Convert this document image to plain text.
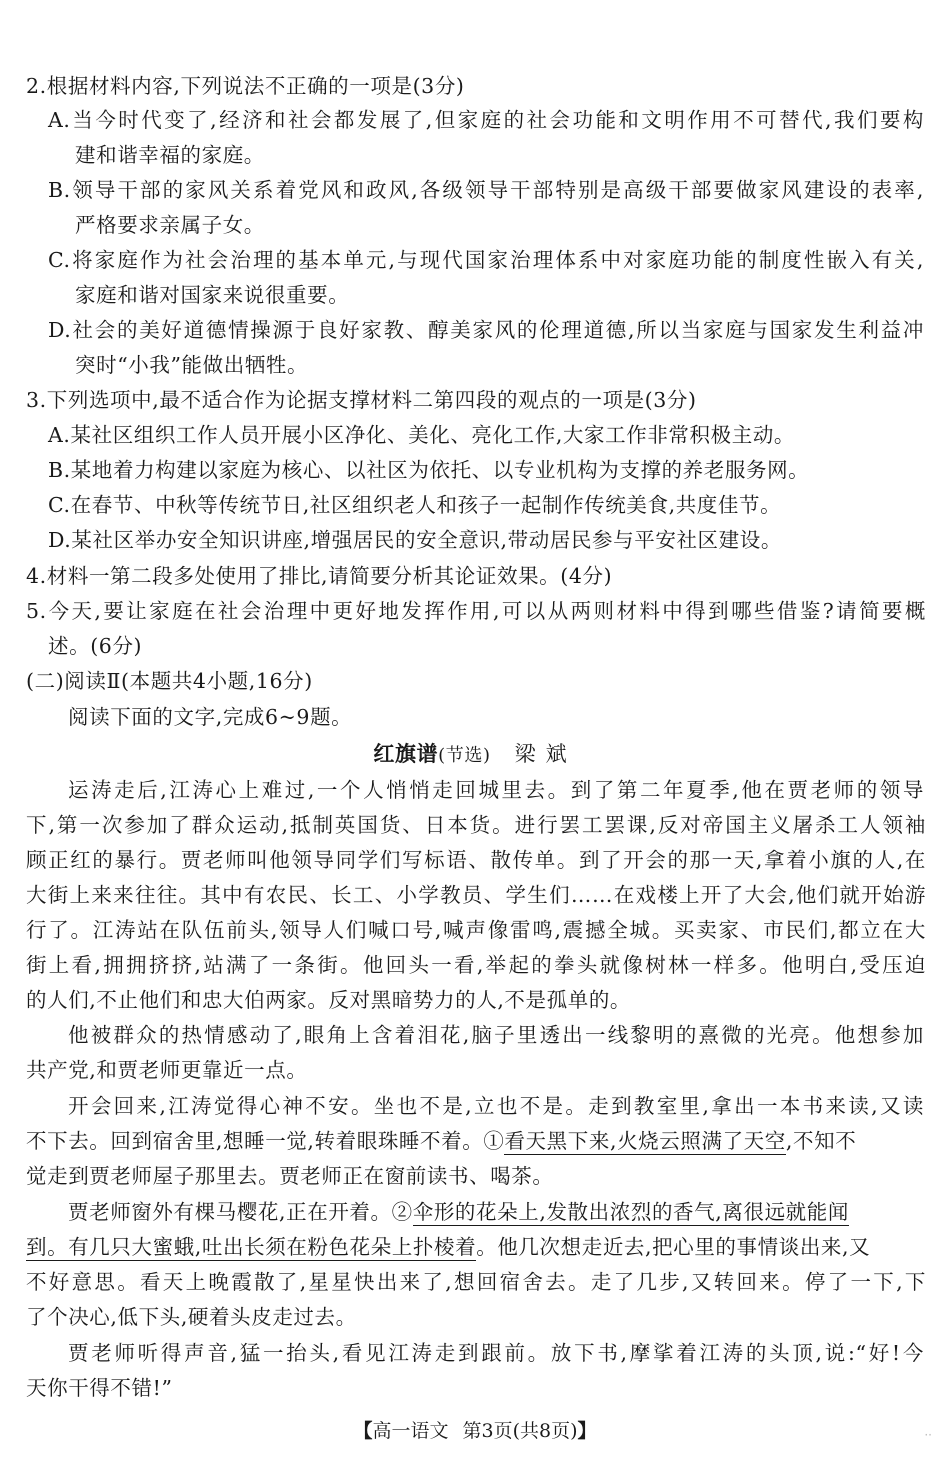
2.根据材料内容,下列说法不正确的一项是(3分)
A.当今时代变了,经济和社会都发展了,但家庭的社会功能和文明作用不可替代,我们要构
建和谐幸福的家庭。
B.领导干部的家风关系着党风和政风,各级领导干部特别是高级干部要做家风建设的表率,
严格要求亲属子女。
C.将家庭作为社会治理的基本单元,与现代国家治理体系中对家庭功能的制度性嵌入有关,
家庭和谐对国家来说很重要。
D.社会的美好道德情操源于良好家教、醇美家风的伦理道德,所以当家庭与国家发生利益冲
突时“小我”能做出牺牲。
3.下列选项中,最不适合作为论据支撑材料二第四段的观点的一项是(3分)
A.某社区组织工作人员开展小区净化、美化、亮化工作,大家工作非常积极主动。
B.某地着力构建以家庭为核心、以社区为依托、以专业机构为支撑的养老服务网。
C.在春节、中秋等传统节日,社区组织老人和孩子一起制作传统美食,共度佳节。
D.某社区举办安全知识讲座,增强居民的安全意识,带动居民参与平安社区建设。
4.材料一第二段多处使用了排比,请简要分析其论证效果。(4分)
5.今天,要让家庭在社会治理中更好地发挥作用,可以从两则材料中得到哪些借鉴?请简要概
述。(6分)
(二)阅读Ⅱ(本题共4小题,16分)
阅读下面的文字,完成6~9题。
红旗谱(节选) 梁斌
运涛走后,江涛心上难过,一个人悄悄走回城里去。到了第二年夏季,他在贾老师的领导
下,第一次参加了群众运动,抵制英国货、日本货。进行罢工罢课,反对帝国主义屠杀工人领袖
顾正红的暴行。贾老师叫他领导同学们写标语、散传单。到了开会的那一天,拿着小旗的人,在
大街上来来往往。其中有农民、长工、小学教员、学生们……在戏楼上开了大会,他们就开始游
行了。江涛站在队伍前头,领导人们喊口号,喊声像雷鸣,震撼全城。买卖家、市民们,都立在大
街上看,拥拥挤挤,站满了一条街。他回头一看,举起的拳头就像树林一样多。他明白,受压迫
的人们,不止他们和忠大伯两家。反对黑暗势力的人,不是孤单的。
他被群众的热情感动了,眼角上含着泪花,脑子里透出一线黎明的熹微的光亮。他想参加
共产党,和贾老师更靠近一点。
开会回来,江涛觉得心神不安。坐也不是,立也不是。走到教室里,拿出一本书来读,又读
不下去。回到宿舍里,想睡一觉,转着眼珠睡不着。①看天黑下来,火烧云照满了天空,不知不
觉走到贾老师屋子那里去。贾老师正在窗前读书、喝茶。
贾老师窗外有棵马樱花,正在开着。②伞形的花朵上,发散出浓烈的香气,离很远就能闻
到。有几只大蜜蛾,吐出长须在粉色花朵上扑棱着。他几次想走近去,把心里的事情谈出来,又
不好意思。看天上晚霞散了,星星快出来了,想回宿舍去。走了几步,又转回来。停了一下,下
了个决心,低下头,硬着头皮走过去。
贾老师听得声音,猛一抬头,看见江涛走到跟前。放下书,摩挲着江涛的头顶,说:“好!今
天你干得不错!”
【高一语文 第3页(共8页)】	··
